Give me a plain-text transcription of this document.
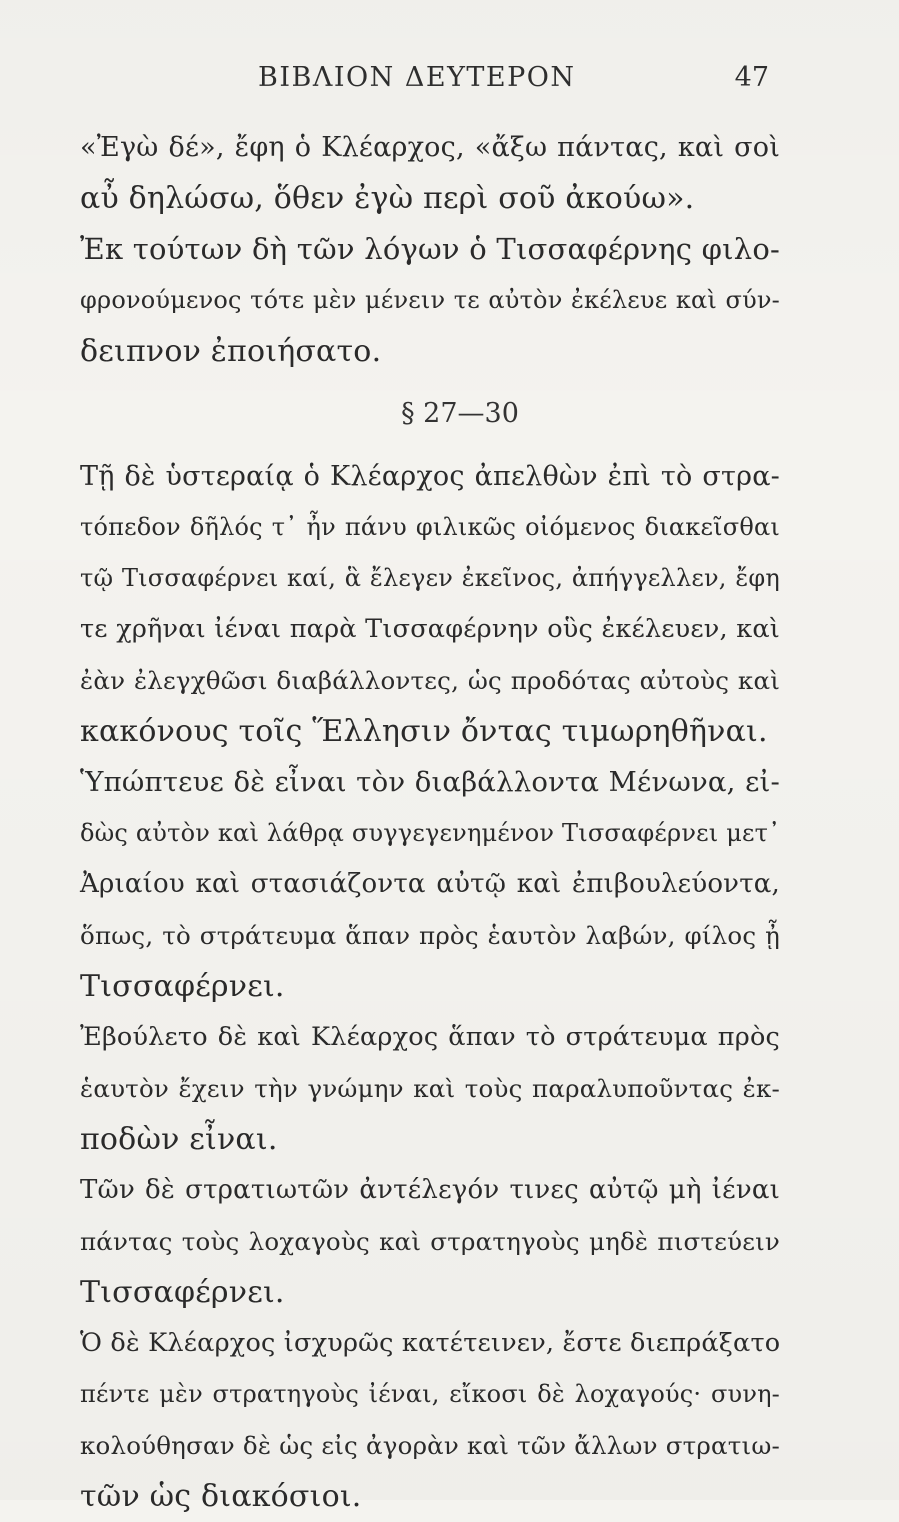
ΒΙΒΛΙΟΝ ΔΕΥΤΕΡΟΝ	47
«Ἐγὼ δέ», ἔφη ὁ Κλέαρχος, «ἄξω πάντας, καὶ σοὶ
αὖ δηλώσω, ὅθεν ἐγὼ περὶ σοῦ ἀκούω».
Ἐκ τούτων δὴ τῶν λόγων ὁ Τισσαφέρνης φιλο-
φρονούμενος τότε μὲν μένειν τε αὐτὸν ἐκέλευε καὶ σύν-
δειπνον ἐποιήσατο.
§ 27—30
Τῇ δὲ ὑστεραίᾳ ὁ Κλέαρχος ἀπελθὼν ἐπὶ τὸ στρα-
τόπεδον δῆλός τ᾽ ἦν πάνυ φιλικῶς οἰόμενος διακεῖσθαι
τῷ Τισσαφέρνει καί, ἃ ἔλεγεν ἐκεῖνος, ἀπήγγελλεν, ἔφη
τε χρῆναι ἰέναι παρὰ Τισσαφέρνην οὓς ἐκέλευεν, καὶ
ἐὰν ἐλεγχθῶσι διαβάλλοντες, ὡς προδότας αὐτοὺς καὶ
κακόνους τοῖς Ἕλλησιν ὄντας τιμωρηθῆναι.
Ὑπώπτευε δὲ εἶναι τὸν διαβάλλοντα Μένωνα, εἰ-
δὼς αὐτὸν καὶ λάθρᾳ συγγεγενημένον Τισσαφέρνει μετ᾽
Ἀριαίου καὶ στασιάζοντα αὐτῷ καὶ ἐπιβουλεύοντα,
ὅπως, τὸ στράτευμα ἅπαν πρὸς ἑαυτὸν λαβών, φίλος ᾖ
Τισσαφέρνει.
Ἐβούλετο δὲ καὶ Κλέαρχος ἅπαν τὸ στράτευμα πρὸς
ἑαυτὸν ἔχειν τὴν γνώμην καὶ τοὺς παραλυποῦντας ἐκ-
ποδὼν εἶναι.
Τῶν δὲ στρατιωτῶν ἀντέλεγόν τινες αὐτῷ μὴ ἰέναι
πάντας τοὺς λοχαγοὺς καὶ στρατηγοὺς μηδὲ πιστεύειν
Τισσαφέρνει.
Ὁ δὲ Κλέαρχος ἰσχυρῶς κατέτεινεν, ἔστε διεπράξατο
πέντε μὲν στρατηγοὺς ἰέναι, εἴκοσι δὲ λοχαγούς· συνη-
κολούθησαν δὲ ὡς εἰς ἀγορὰν καὶ τῶν ἄλλων στρατιω-
τῶν ὡς διακόσιοι.
